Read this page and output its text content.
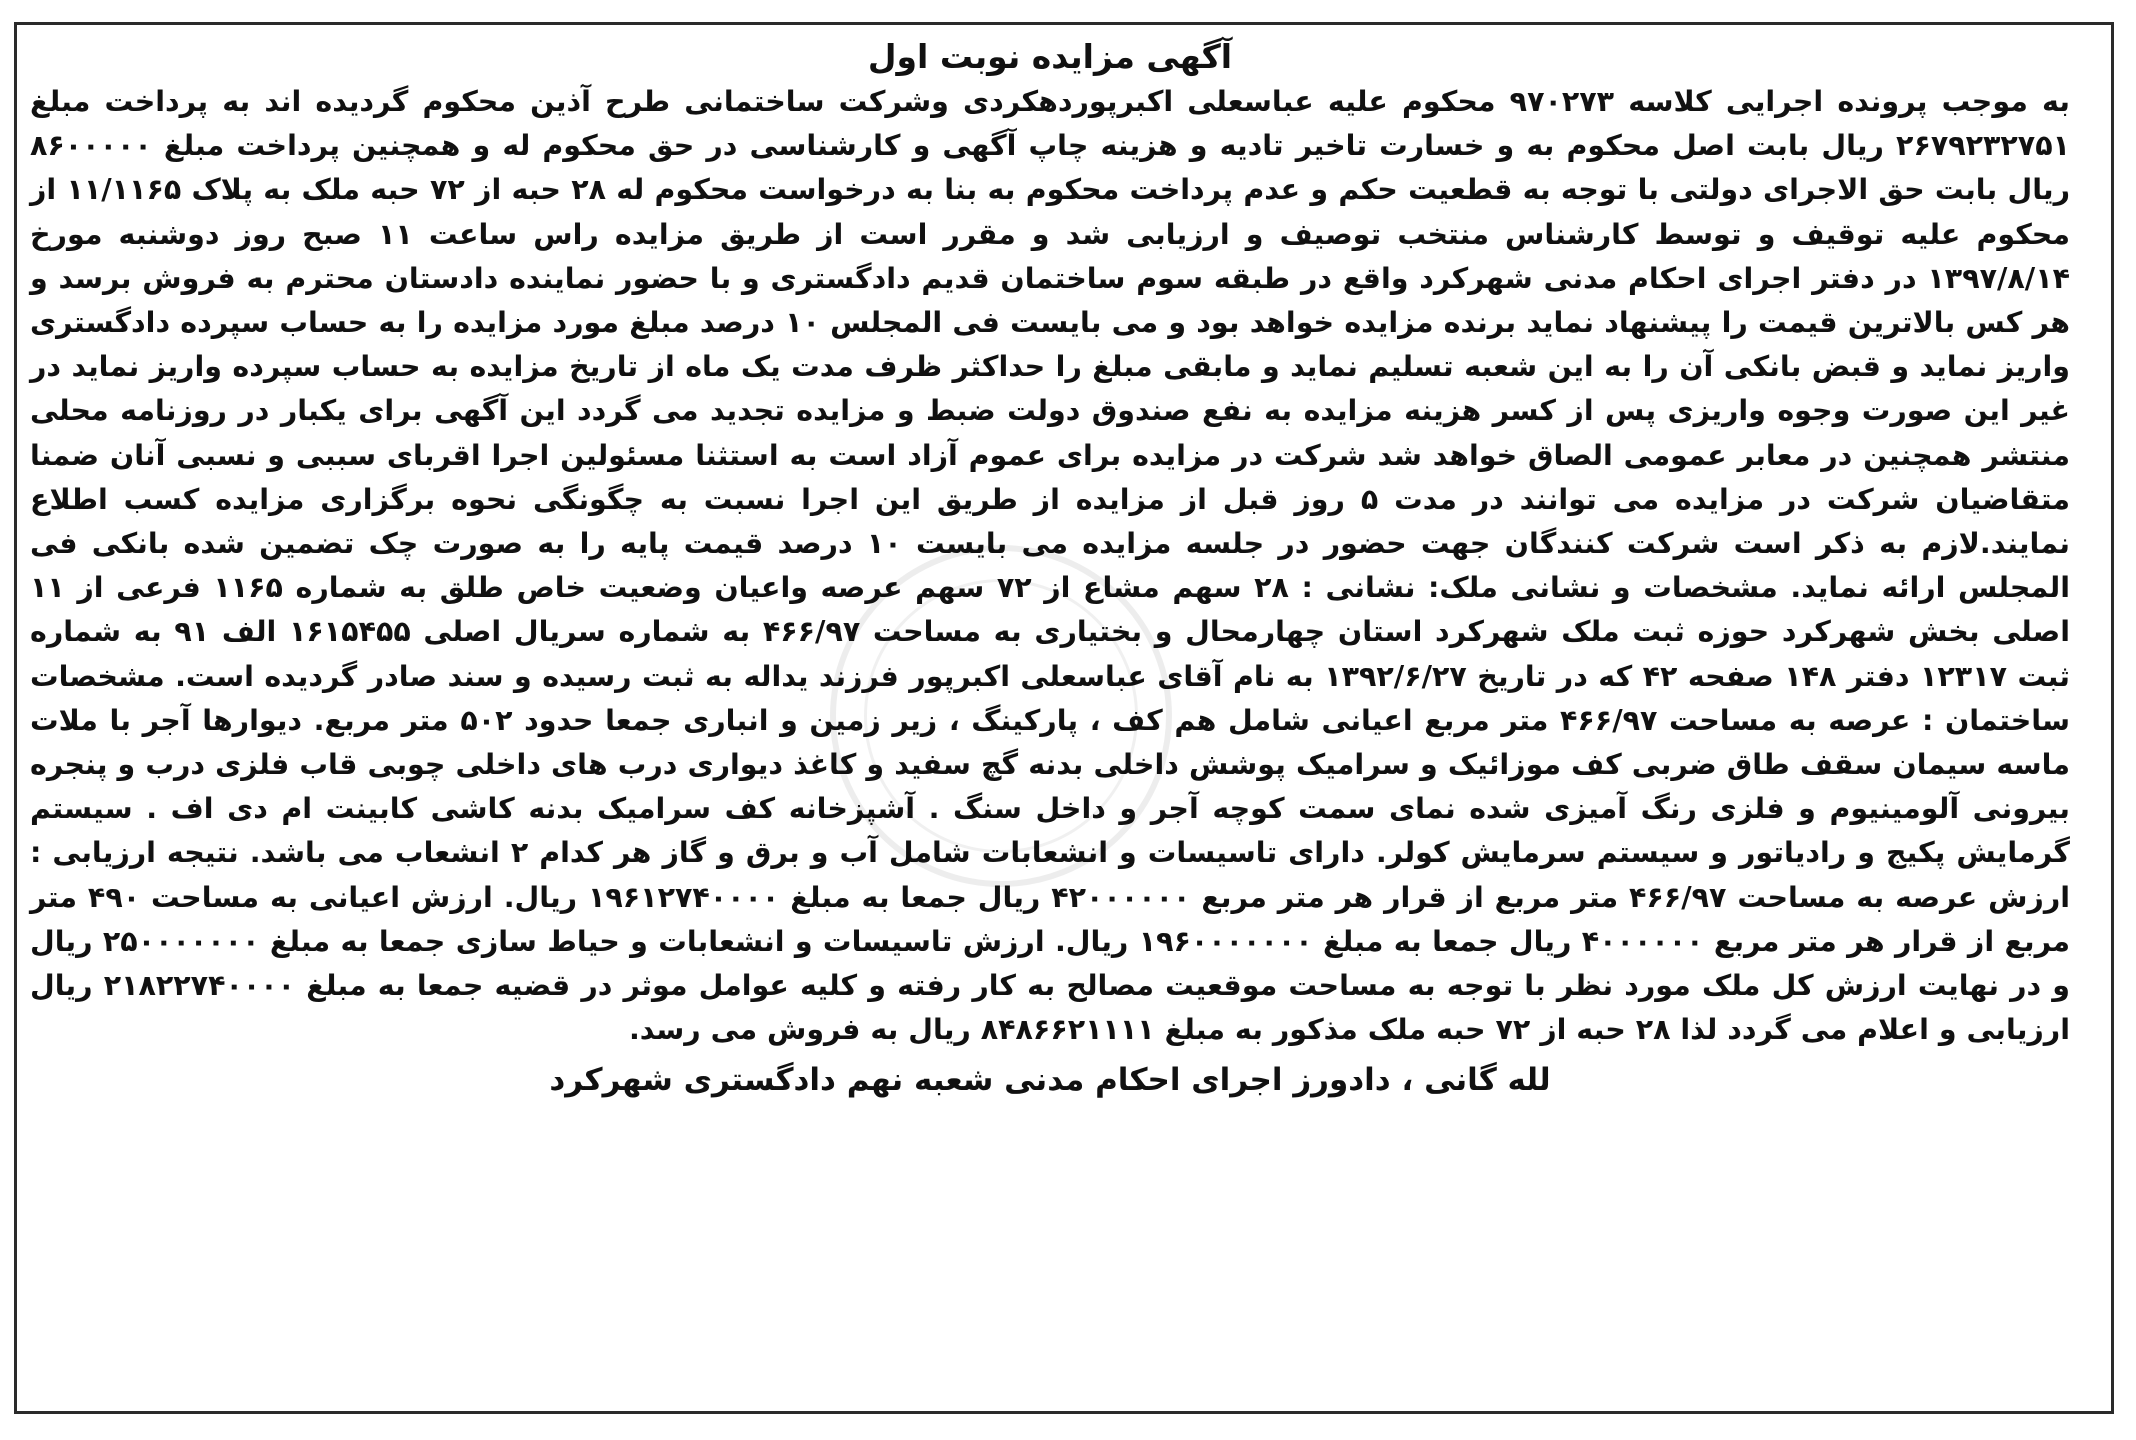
آگهی مزایده نوبت اول

به موجب پرونده اجرایی کلاسه ۹۷۰۲۷۳ محکوم علیه عباسعلی اکبرپوردهکردی وشرکت ساختمانی طرح آذین محکوم گردیده اند به پرداخت مبلغ ۲۶۷۹۲۳۲۷۵۱ ریال بابت اصل محکوم به و خسارت تاخیر تادیه و هزینه چاپ آگهی و کارشناسی در حق محکوم له و همچنین پرداخت مبلغ ۸۶۰۰۰۰۰ ریال بابت حق الاجرای دولتی با توجه به قطعیت حکم و عدم پرداخت محکوم به بنا به درخواست محکوم له ۲۸ حبه از ۷۲ حبه ملک به پلاک ۱۱/۱۱۶۵ از محکوم علیه توقیف و توسط کارشناس منتخب توصیف و ارزیابی شد و مقرر است از طریق مزایده راس ساعت ۱۱ صبح روز دوشنبه مورخ ۱۳۹۷/۸/۱۴ در دفتر اجرای احکام مدنی شهرکرد واقع در طبقه سوم ساختمان قدیم دادگستری و با حضور نماینده دادستان محترم به فروش برسد و هر کس بالاترین قیمت را پیشنهاد نماید برنده مزایده خواهد بود و می بایست فی المجلس ۱۰ درصد مبلغ مورد مزایده را به حساب سپرده دادگستری واریز نماید و قبض بانکی آن را به این شعبه تسلیم نماید و مابقی مبلغ را حداکثر ظرف مدت یک ماه از تاریخ مزایده به حساب سپرده واریز نماید در غیر این صورت وجوه واریزی پس از کسر هزینه مزایده به نفع صندوق دولت ضبط و مزایده تجدید می گردد این آگهی برای یکبار در روزنامه محلی منتشر همچنین در معابر عمومی الصاق خواهد شد شرکت در مزایده برای عموم آزاد است به استثنا مسئولین اجرا اقربای سببی و نسبی آنان ضمنا متقاضیان شرکت در مزایده می توانند در مدت ۵ روز قبل از مزایده از طریق این اجرا نسبت به چگونگی نحوه برگزاری مزایده کسب اطلاع نمایند.لازم به ذکر است شرکت کنندگان جهت حضور در جلسه مزایده می بایست ۱۰ درصد قیمت پایه را به صورت چک تضمین شده بانکی فی المجلس ارائه نماید. مشخصات و نشانی ملک: نشانی : ۲۸ سهم مشاع از ۷۲ سهم عرصه واعیان وضعیت خاص طلق به شماره ۱۱۶۵ فرعی از ۱۱ اصلی بخش شهرکرد حوزه ثبت ملک شهرکرد استان چهارمحال و بختیاری به مساحت ۴۶۶/۹۷ به شماره سریال اصلی ۱۶۱۵۴۵۵ الف ۹۱ به شماره ثبت ۱۲۳۱۷ دفتر ۱۴۸ صفحه ۴۲ که در تاریخ ۱۳۹۲/۶/۲۷ به نام آقای عباسعلی اکبرپور فرزند یداله به ثبت رسیده و سند صادر گردیده است. مشخصات ساختمان : عرصه به مساحت ۴۶۶/۹۷ متر مربع اعیانی شامل هم کف ، پارکینگ ، زیر زمین و انباری جمعا حدود ۵۰۲ متر مربع. دیوارها آجر با ملات ماسه سیمان سقف طاق ضربی کف موزائیک و سرامیک پوشش داخلی بدنه گچ سفید و کاغذ دیواری درب های داخلی چوبی قاب فلزی درب و پنجره بیرونی آلومینیوم و فلزی رنگ آمیزی شده نمای سمت کوچه آجر و داخل سنگ . آشپزخانه کف سرامیک بدنه کاشی کابینت ام دی اف . سیستم گرمایش پکیج و رادیاتور و سیستم سرمایش کولر. دارای تاسیسات و انشعابات شامل آب و برق و گاز هر کدام ۲ انشعاب می باشد. نتیجه ارزیابی : ارزش عرصه به مساحت ۴۶۶/۹۷ متر مربع از قرار هر متر مربع ۴۲۰۰۰۰۰۰ ریال جمعا به مبلغ ۱۹۶۱۲۷۴۰۰۰۰ ریال. ارزش اعیانی به مساحت ۴۹۰ متر مربع از قرار هر متر مربع ۴۰۰۰۰۰۰ ریال جمعا به مبلغ ۱۹۶۰۰۰۰۰۰۰ ریال. ارزش تاسیسات و انشعابات و حیاط سازی جمعا به مبلغ ۲۵۰۰۰۰۰۰۰ ریال و در نهایت ارزش کل ملک مورد نظر با توجه به مساحت موقعیت مصالح به کار رفته و کلیه عوامل موثر در قضیه جمعا به مبلغ ۲۱۸۲۲۷۴۰۰۰۰ ریال ارزیابی و اعلام می گردد لذا ۲۸ حبه از ۷۲ حبه ملک مذکور به مبلغ ۸۴۸۶۶۲۱۱۱۱ ریال به فروش می رسد.

لله گانی ، دادورز اجرای احکام مدنی شعبه نهم دادگستری شهرکرد
